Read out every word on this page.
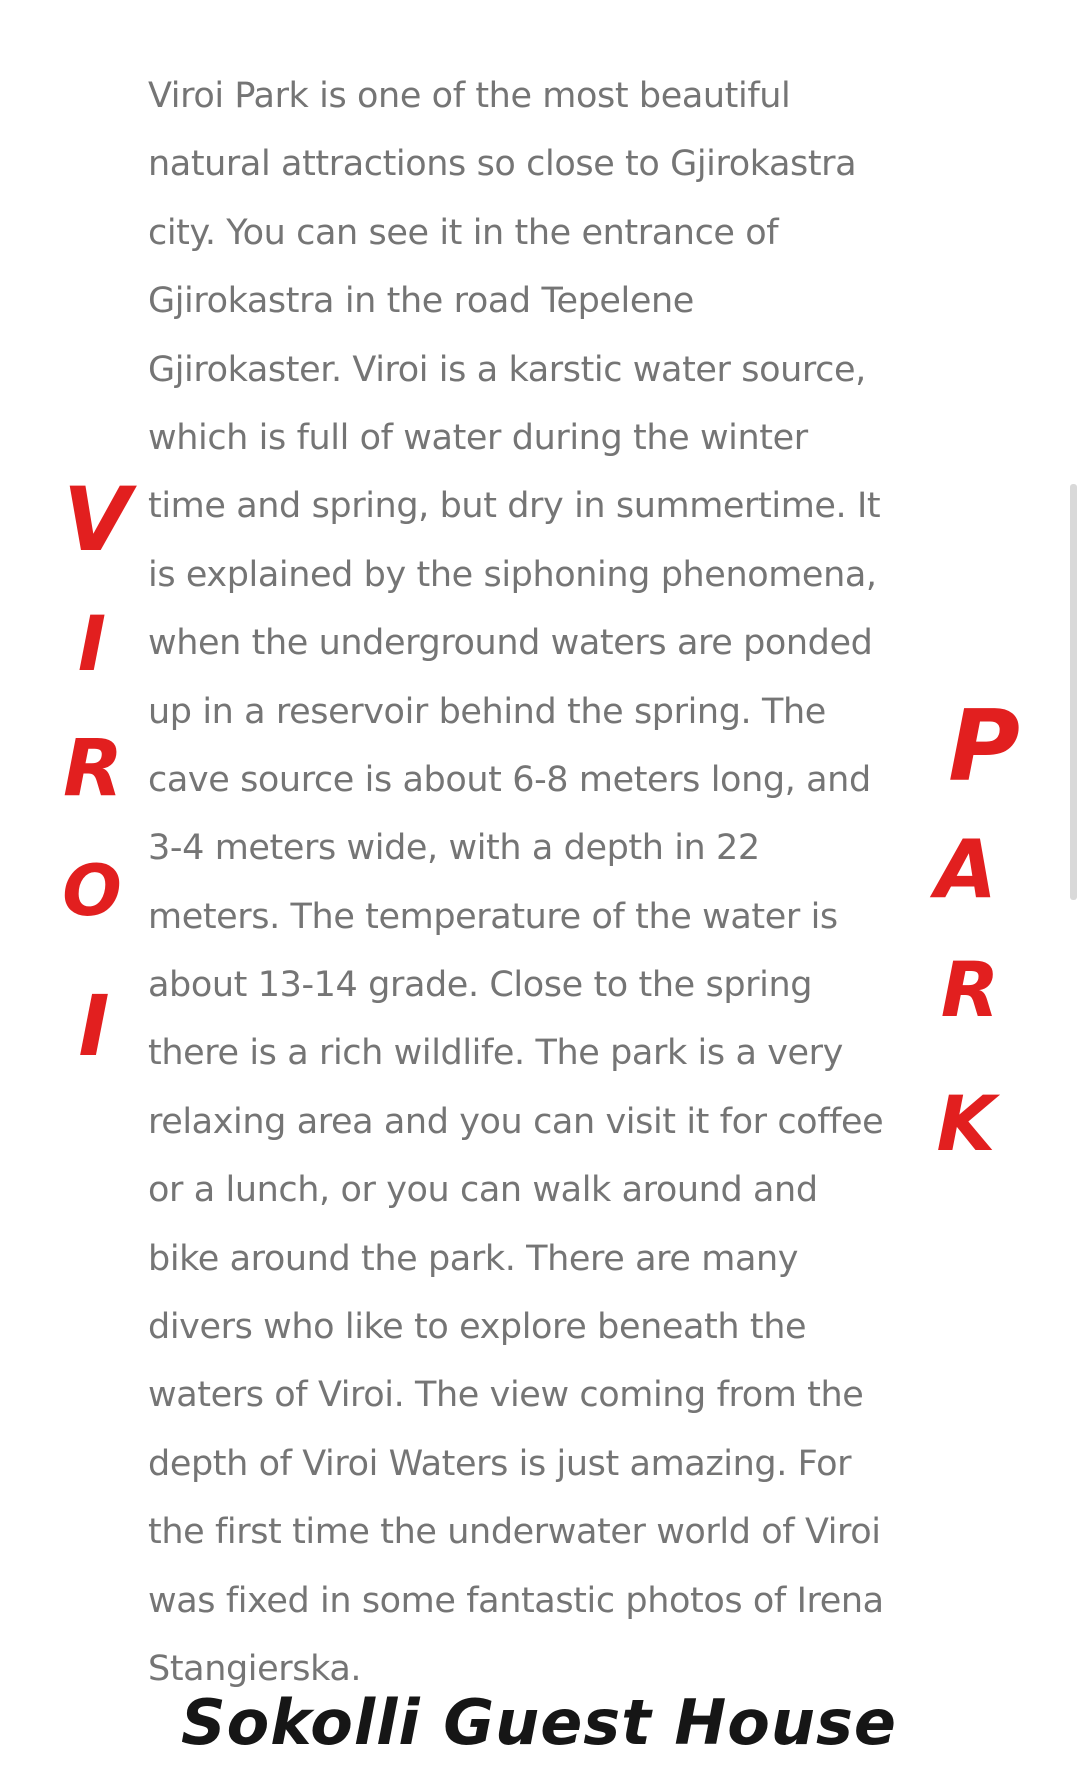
V
I
R
O
I
P
A
R
K
Viroi Park is one of the most beautiful
natural attractions so close to Gjirokastra
city. You can see it in the entrance of
Gjirokastra in the road Tepelene
Gjirokaster. Viroi is a karstic water source,
which is full of water during the winter
time and spring, but dry in summertime. It
is explained by the siphoning phenomena,
when the underground waters are ponded
up in a reservoir behind the spring. The
cave source is about 6-8 meters long, and
3-4 meters wide, with a depth in 22
meters. The temperature of the water is
about 13-14 grade. Close to the spring
there is a rich wildlife. The park is a very
relaxing area and you can visit it for coffee
or a lunch, or you can walk around and
bike around the park. There are many
divers who like to explore beneath the
waters of Viroi. The view coming from the
depth of Viroi Waters is just amazing. For
the first time the underwater world of Viroi
was fixed in some fantastic photos of Irena
Stangierska.
Sokolli Guest House
